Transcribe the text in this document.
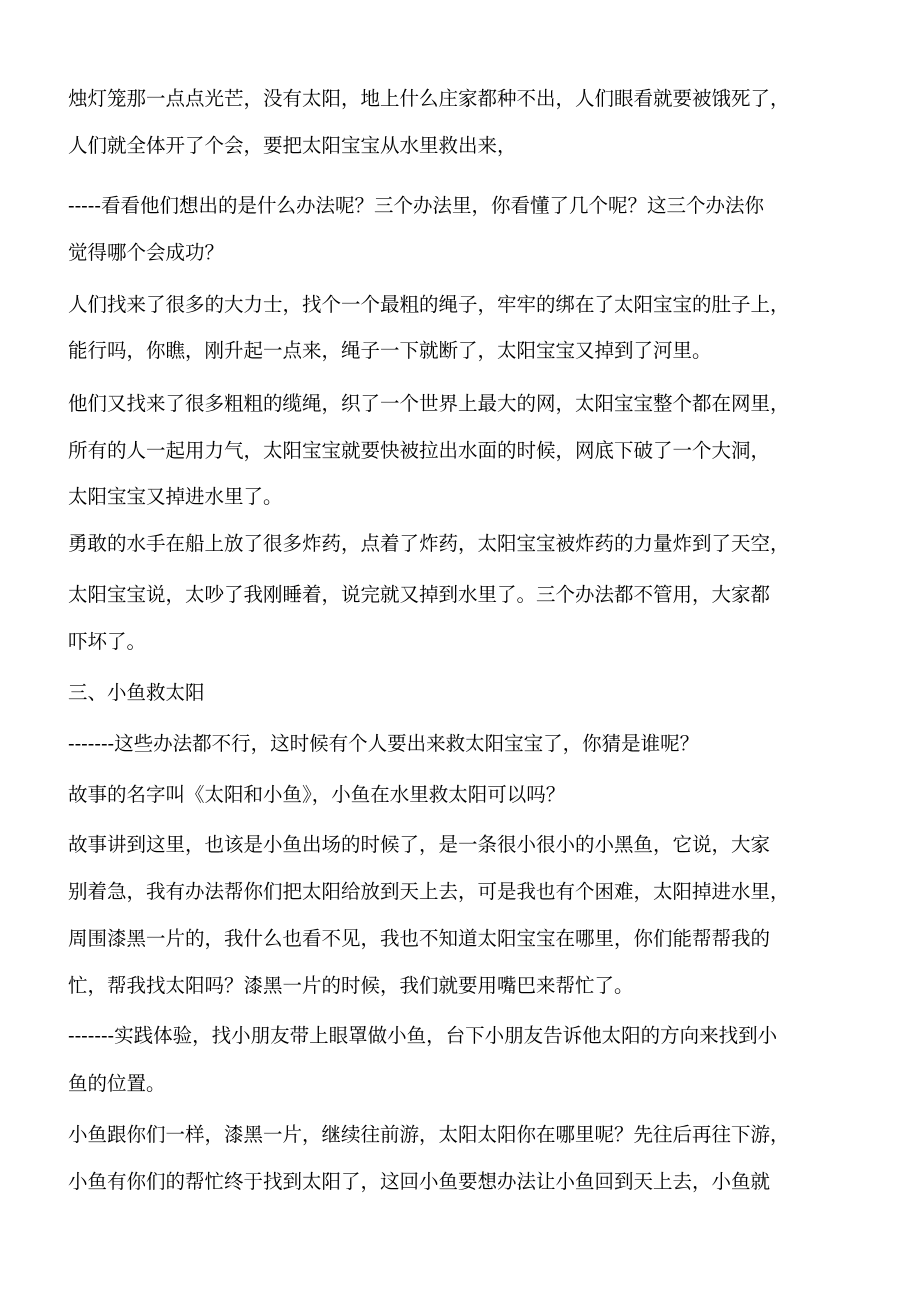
烛灯笼那一点点光芒，没有太阳，地上什么庄家都种不出，人们眼看就要被饿死了，
人们就全体开了个会，要把太阳宝宝从水里救出来，
-----看看他们想出的是什么办法呢？三个办法里，你看懂了几个呢？这三个办法你
觉得哪个会成功？
人们找来了很多的大力士，找个一个最粗的绳子，牢牢的绑在了太阳宝宝的肚子上，
能行吗，你瞧，刚升起一点来，绳子一下就断了，太阳宝宝又掉到了河里。
他们又找来了很多粗粗的缆绳，织了一个世界上最大的网，太阳宝宝整个都在网里，
所有的人一起用力气，太阳宝宝就要快被拉出水面的时候，网底下破了一个大洞，
太阳宝宝又掉进水里了。
勇敢的水手在船上放了很多炸药，点着了炸药，太阳宝宝被炸药的力量炸到了天空，
太阳宝宝说，太吵了我刚睡着，说完就又掉到水里了。三个办法都不管用，大家都
吓坏了。
三、小鱼救太阳
-------这些办法都不行，这时候有个人要出来救太阳宝宝了，你猜是谁呢？
故事的名字叫《太阳和小鱼》，小鱼在水里救太阳可以吗？
故事讲到这里，也该是小鱼出场的时候了，是一条很小很小的小黑鱼，它说，大家
别着急，我有办法帮你们把太阳给放到天上去，可是我也有个困难，太阳掉进水里，
周围漆黑一片的，我什么也看不见，我也不知道太阳宝宝在哪里，你们能帮帮我的
忙，帮我找太阳吗？漆黑一片的时候，我们就要用嘴巴来帮忙了。
-------实践体验，找小朋友带上眼罩做小鱼，台下小朋友告诉他太阳的方向来找到小
鱼的位置。
小鱼跟你们一样，漆黑一片，继续往前游，太阳太阳你在哪里呢？先往后再往下游，
小鱼有你们的帮忙终于找到太阳了，这回小鱼要想办法让小鱼回到天上去，小鱼就
